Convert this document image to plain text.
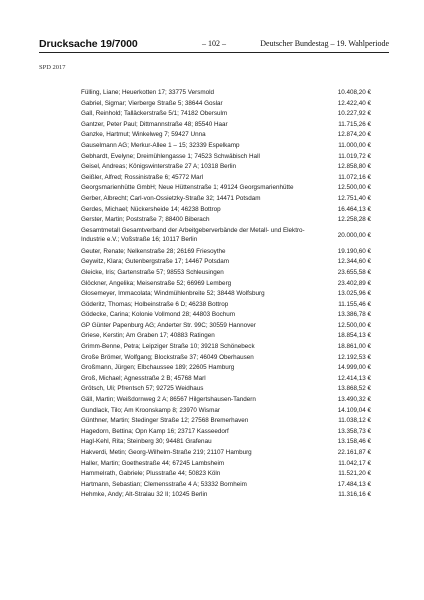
Drucksache 19/7000	– 102 –	Deutscher Bundestag – 19. Wahlperiode
SPD 2017
Fülling, Liane; Heuerkotten 17; 33775 Versmold	10.408,20 €
Gabriel, Sigmar; Vierberge Straße 5; 38644 Goslar	12.422,40 €
Gall, Reinhold; Talläckerstraße 5/1; 74182 Obersulm	10.227,92 €
Gantzer, Peter Paul; Dittmannstraße 48; 85540 Haar	11.715,26 €
Ganzke, Hartmut; Winkelweg 7; 59427 Unna	12.874,20 €
Gauselmann AG; Merkur-Allee 1 – 15; 32339 Espelkamp	11.000,00 €
Gebhardt, Evelyne; Dreimühlengasse 1; 74523 Schwäbisch Hall	11.019,72 €
Geisel, Andreas; Königswinterstraße 27 A; 10318 Berlin	12.858,80 €
Geißler, Alfred; Rossinistraße 6; 45772 Marl	11.072,16 €
Georgsmarienhütte GmbH; Neue Hüttenstraße 1; 49124 Georgsmarienhütte	12.500,00 €
Gerber, Albrecht; Carl-von-Ossietzky-Straße 32; 14471 Potsdam	12.751,40 €
Gerdes, Michael; Nückersheide 14; 46238 Bottrop	16.464,13 €
Gerster, Martin; Poststraße 7; 88400 Biberach	12.258,28 €
Gesamtmetall Gesamtverband der Arbeitgeberverbände der Metall- und Elektro-Industrie e.V.; Voßstraße 16; 10117 Berlin
20.000,00 €
Geuter, Renate; Nelkenstraße 28; 26169 Friesoythe	19.190,60 €
Geywitz, Klara; Gutenbergstraße 17; 14467 Potsdam	12.344,60 €
Gleicke, Iris; Gartenstraße 57; 98553 Schleusingen	23.655,58 €
Glöckner, Angelika; Meisenstraße 52; 66969 Lemberg	23.402,89 €
Glosemeyer, Immacolata; Windmühlenbreite 52; 38448 Wolfsburg	13.025,96 €
Göderitz, Thomas; Holbeinstraße 6 D; 46238 Bottrop	11.155,46 €
Gödecke, Carina; Kolonie Vollmond 28; 44803 Bochum	13.386,78 €
GP Günter Papenburg AG; Anderter Str. 99C; 30559 Hannover	12.500,00 €
Griese, Kerstin; Am Graben 17; 40883 Ratingen	18.854,13 €
Grimm-Benne, Petra; Leipziger Straße 10; 39218 Schönebeck	18.861,00 €
Große Brömer, Wolfgang; Blockstraße 37; 46049 Oberhausen	12.192,53 €
Großmann, Jürgen; Elbchaussee 189; 22605 Hamburg	14.999,00 €
Groß, Michael; Agnesstraße 2 B; 45768 Marl	12.414,13 €
Grötsch, Uli; Pfrentsch 57; 92725 Weidhaus	13.868,52 €
Gäll, Martin; Weißdornweg 2 A; 86567 Hilgertshausen-Tandern	13.490,32 €
Gundlack, Tilo; Am Kroonskamp 8; 23970 Wismar	14.109,04 €
Günthner, Martin; Stedinger Straße 12; 27568 Bremerhaven	11.038,12 €
Hagedorn, Bettina; Opn Kamp 16; 23717 Kasseedorf	13.358,73 €
Hagl-Kehl, Rita; Steinberg 30; 94481 Grafenau	13.158,46 €
Hakverdi, Metin; Georg-Wilhelm-Straße 219; 21107 Hamburg	22.161,87 €
Haller, Martin; Goethestraße 44; 67245 Lambsheim	11.042,17 €
Hammelrath, Gabriele; Plusstraße 44; 50823 Köln	11.521,20 €
Hartmann, Sebastian; Clemensstraße 4 A; 53332 Bornheim	17.484,13 €
Hehmke, Andy; Alt-Stralau 32 II; 10245 Berlin	11.316,16 €
